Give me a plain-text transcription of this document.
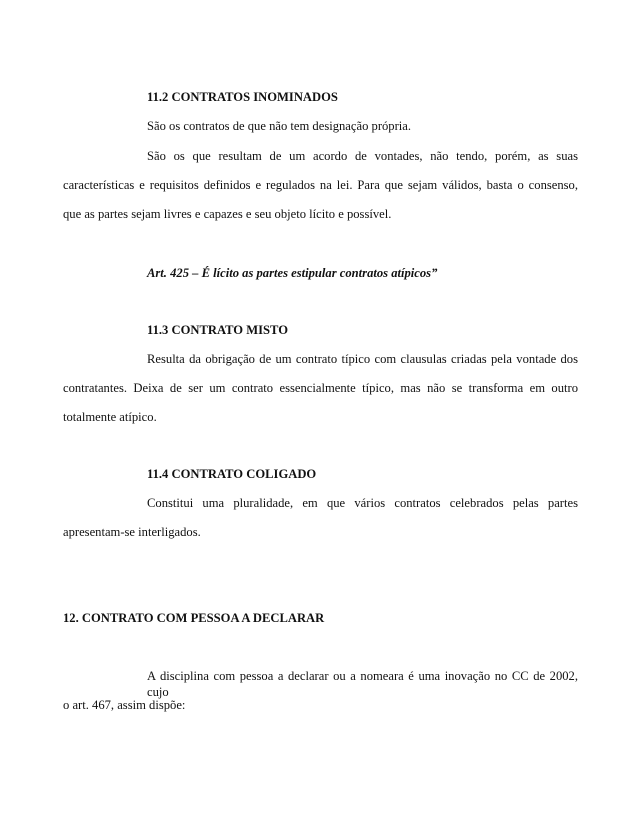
11.2 CONTRATOS INOMINADOS
São os contratos de que não tem designação própria.
São os que resultam de um acordo de vontades, não tendo, porém, as suas
características e requisitos definidos e regulados na lei. Para que sejam válidos, basta o consenso,
que as partes sejam livres e capazes e seu objeto lícito e possível.
Art. 425 – É lícito as partes estipular contratos atípicos”
11.3 CONTRATO MISTO
Resulta da obrigação de um contrato típico com clausulas criadas pela vontade dos
contratantes. Deixa de ser um contrato essencialmente típico, mas não se transforma em outro
totalmente atípico.
11.4 CONTRATO COLIGADO
Constitui uma pluralidade, em que vários contratos celebrados pelas partes
apresentam-se interligados.
12. CONTRATO COM PESSOA A DECLARAR
A disciplina com pessoa a declarar ou a nomeara é uma inovação no CC de 2002, cujo
o art. 467, assim dispõe:
